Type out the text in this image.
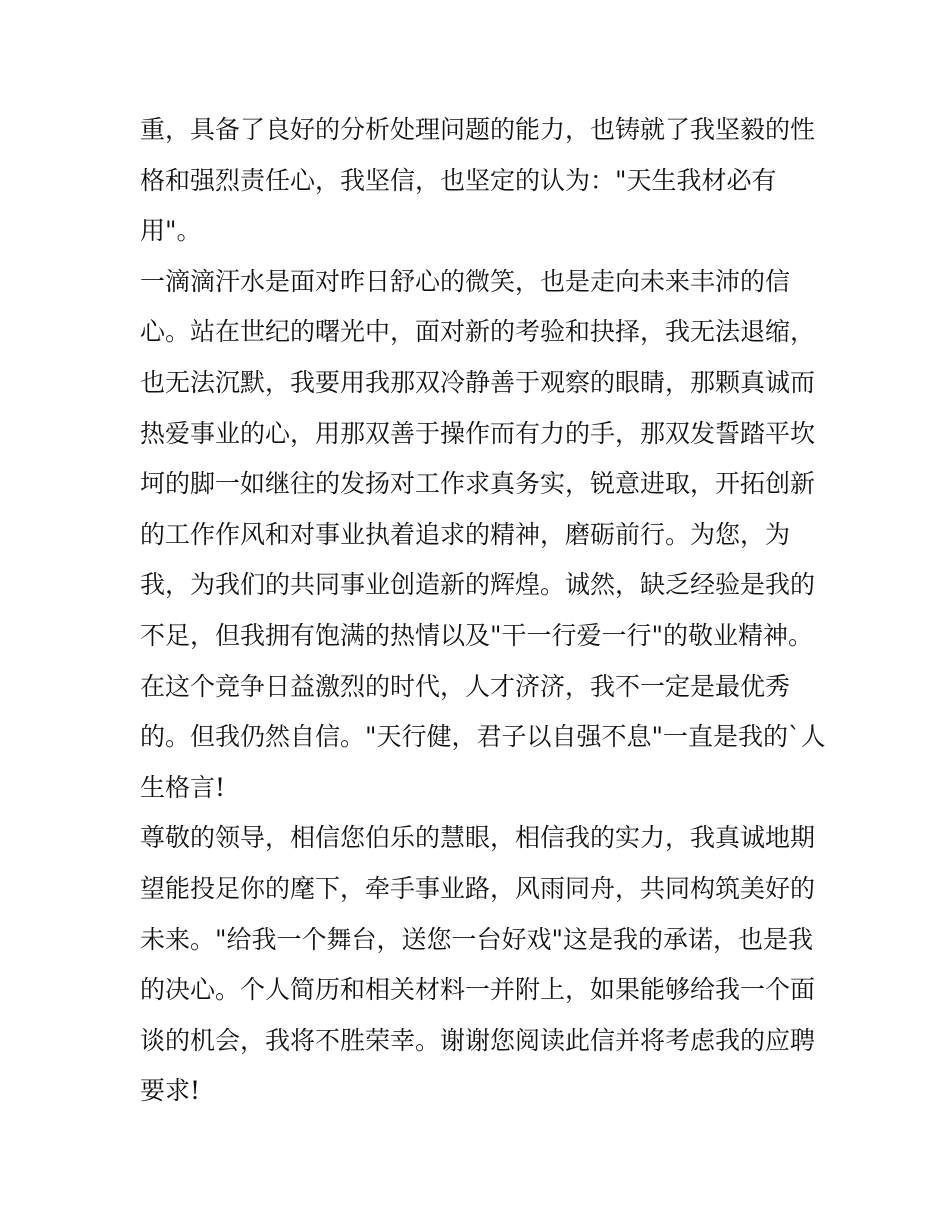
重，具备了良好的分析处理问题的能力，也铸就了我坚毅的性
格和强烈责任心，我坚信，也坚定的认为："天生我材必有
用"。
一滴滴汗水是面对昨日舒心的微笑，也是走向未来丰沛的信
心。站在世纪的曙光中，面对新的考验和抉择，我无法退缩，
也无法沉默，我要用我那双冷静善于观察的眼睛，那颗真诚而
热爱事业的心，用那双善于操作而有力的手，那双发誓踏平坎
坷的脚一如继往的发扬对工作求真务实，锐意进取，开拓创新
的工作作风和对事业执着追求的精神，磨砺前行。为您，为
我，为我们的共同事业创造新的辉煌。诚然，缺乏经验是我的
不足，但我拥有饱满的热情以及"干一行爱一行"的敬业精神。
在这个竞争日益激烈的时代，人才济济，我不一定是最优秀
的。但我仍然自信。"天行健，君子以自强不息"一直是我的`人
生格言!
尊敬的领导，相信您伯乐的慧眼，相信我的实力，我真诚地期
望能投足你的麾下，牵手事业路，风雨同舟，共同构筑美好的
未来。"给我一个舞台，送您一台好戏"这是我的承诺，也是我
的决心。个人简历和相关材料一并附上，如果能够给我一个面
谈的机会，我将不胜荣幸。谢谢您阅读此信并将考虑我的应聘
要求!
